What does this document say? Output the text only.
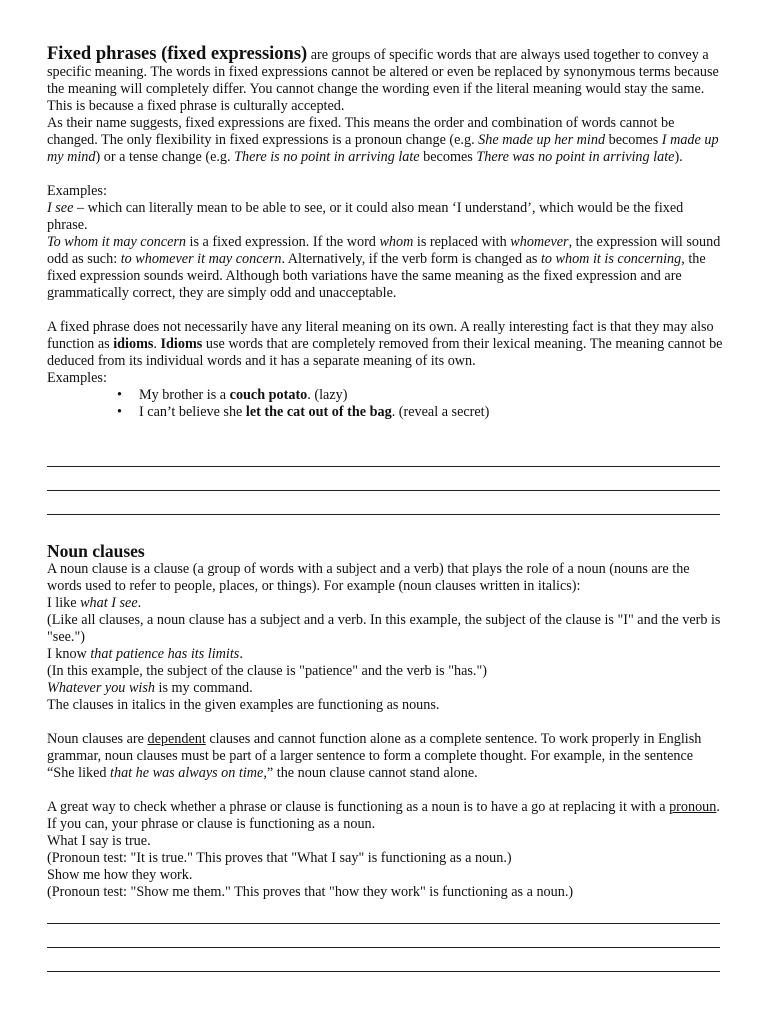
Fixed phrases (fixed expressions) are groups of specific words that are always used together to convey a specific meaning. The words in fixed expressions cannot be altered or even be replaced by synonymous terms because the meaning will completely differ. You cannot change the wording even if the literal meaning would stay the same. This is because a fixed phrase is culturally accepted.

As their name suggests, fixed expressions are fixed. This means the order and combination of words cannot be changed. The only flexibility in fixed expressions is a pronoun change (e.g. She made up her mind becomes I made up my mind) or a tense change (e.g. There is no point in arriving late becomes There was no point in arriving late).

Examples:

I see – which can literally mean to be able to see, or it could also mean ‘I understand’, which would be the fixed phrase.

To whom it may concern is a fixed expression. If the word whom is replaced with whomever, the expression will sound odd as such: to whomever it may concern. Alternatively, if the verb form is changed as to whom it is concerning, the fixed expression sounds weird. Although both variations have the same meaning as the fixed expression and are grammatically correct, they are simply odd and unacceptable.

A fixed phrase does not necessarily have any literal meaning on its own. A really interesting fact is that they may also function as idioms. Idioms use words that are completely removed from their lexical meaning. The meaning cannot be deduced from its individual words and it has a separate meaning of its own.

Examples:

• My brother is a couch potato. (lazy)
• I can’t believe she let the cat out of the bag. (reveal a secret)

Noun clauses

A noun clause is a clause (a group of words with a subject and a verb) that plays the role of a noun (nouns are the words used to refer to people, places, or things). For example (noun clauses written in italics):

I like what I see.

(Like all clauses, a noun clause has a subject and a verb. In this example, the subject of the clause is "I" and the verb is "see.")

I know that patience has its limits.

(In this example, the subject of the clause is "patience" and the verb is "has.")

Whatever you wish is my command.

The clauses in italics in the given examples are functioning as nouns.

Noun clauses are dependent clauses and cannot function alone as a complete sentence. To work properly in English grammar, noun clauses must be part of a larger sentence to form a complete thought. For example, in the sentence “She liked that he was always on time,” the noun clause cannot stand alone.

A great way to check whether a phrase or clause is functioning as a noun is to have a go at replacing it with a pronoun. If you can, your phrase or clause is functioning as a noun.

What I say is true.

(Pronoun test: "It is true." This proves that "What I say" is functioning as a noun.)

Show me how they work.

(Pronoun test: "Show me them." This proves that "how they work" is functioning as a noun.)
